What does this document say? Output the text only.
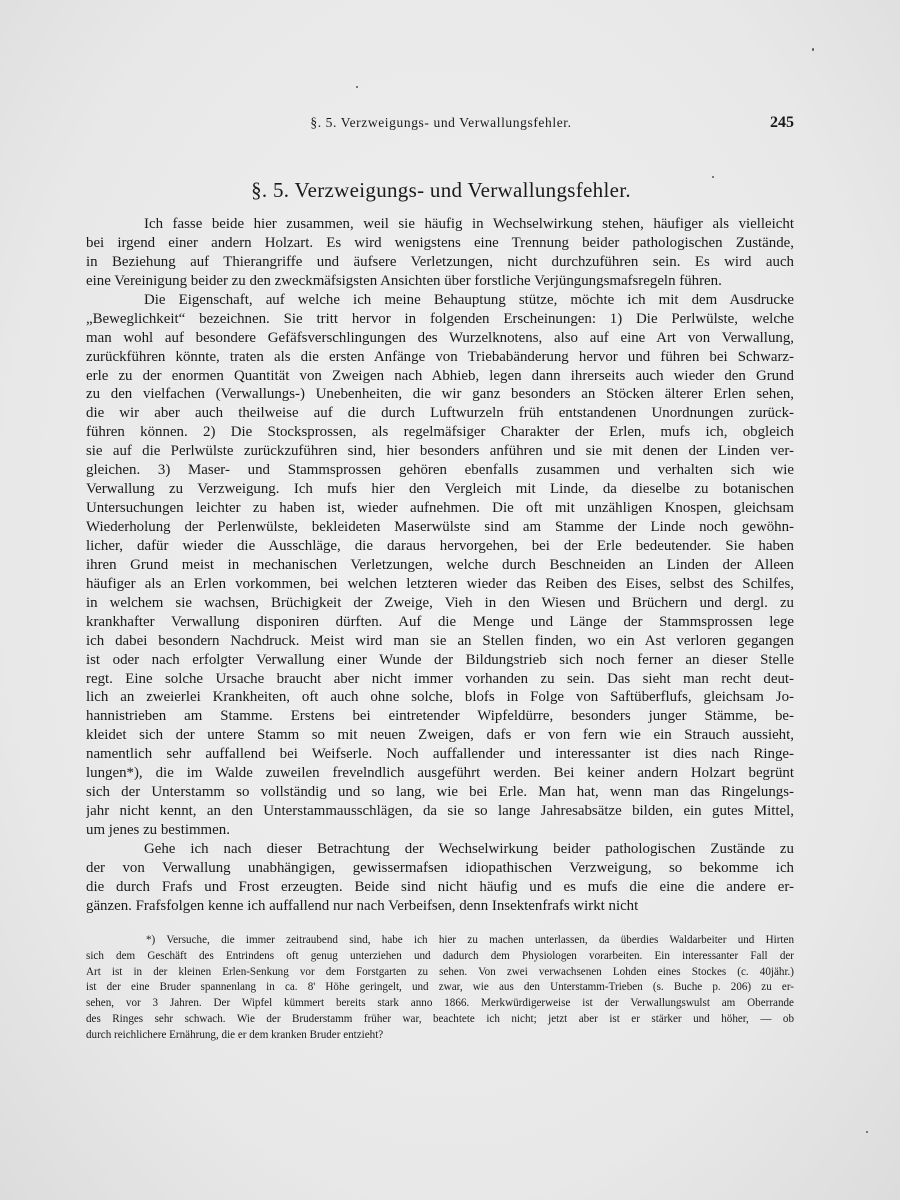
§. 5. Verzweigungs- und Verwallungsfehler.	245
§. 5. Verzweigungs- und Verwallungsfehler.
Ich fasse beide hier zusammen, weil sie häufig in Wechselwirkung stehen, häufiger als vielleicht
bei irgend einer andern Holzart. Es wird wenigstens eine Trennung beider pathologischen Zustände,
in Beziehung auf Thierangriffe und äufsere Verletzungen, nicht durchzuführen sein. Es wird auch
eine Vereinigung beider zu den zweckmäfsigsten Ansichten über forstliche Verjüngungsmafsregeln führen.
Die Eigenschaft, auf welche ich meine Behauptung stütze, möchte ich mit dem Ausdrucke
„Beweglichkeit“ bezeichnen. Sie tritt hervor in folgenden Erscheinungen: 1) Die Perlwülste, welche
man wohl auf besondere Gefäfsverschlingungen des Wurzelknotens, also auf eine Art von Verwallung,
zurückführen könnte, traten als die ersten Anfänge von Triebabänderung hervor und führen bei Schwarz-
erle zu der enormen Quantität von Zweigen nach Abhieb, legen dann ihrerseits auch wieder den Grund
zu den vielfachen (Verwallungs-) Unebenheiten, die wir ganz besonders an Stöcken älterer Erlen sehen,
die wir aber auch theilweise auf die durch Luftwurzeln früh entstandenen Unordnungen zurück-
führen können. 2) Die Stocksprossen, als regelmäfsiger Charakter der Erlen, mufs ich, obgleich
sie auf die Perlwülste zurückzuführen sind, hier besonders anführen und sie mit denen der Linden ver-
gleichen. 3) Maser- und Stammsprossen gehören ebenfalls zusammen und verhalten sich wie
Verwallung zu Verzweigung. Ich mufs hier den Vergleich mit Linde, da dieselbe zu botanischen
Untersuchungen leichter zu haben ist, wieder aufnehmen. Die oft mit unzähligen Knospen, gleichsam
Wiederholung der Perlenwülste, bekleideten Maserwülste sind am Stamme der Linde noch gewöhn-
licher, dafür wieder die Ausschläge, die daraus hervorgehen, bei der Erle bedeutender. Sie haben
ihren Grund meist in mechanischen Verletzungen, welche durch Beschneiden an Linden der Alleen
häufiger als an Erlen vorkommen, bei welchen letzteren wieder das Reiben des Eises, selbst des Schilfes,
in welchem sie wachsen, Brüchigkeit der Zweige, Vieh in den Wiesen und Brüchern und dergl. zu
krankhafter Verwallung disponiren dürften. Auf die Menge und Länge der Stammsprossen lege
ich dabei besondern Nachdruck. Meist wird man sie an Stellen finden, wo ein Ast verloren gegangen
ist oder nach erfolgter Verwallung einer Wunde der Bildungstrieb sich noch ferner an dieser Stelle
regt. Eine solche Ursache braucht aber nicht immer vorhanden zu sein. Das sieht man recht deut-
lich an zweierlei Krankheiten, oft auch ohne solche, blofs in Folge von Saftüberflufs, gleichsam Jo-
hannistrieben am Stamme. Erstens bei eintretender Wipfeldürre, besonders junger Stämme, be-
kleidet sich der untere Stamm so mit neuen Zweigen, dafs er von fern wie ein Strauch aussieht,
namentlich sehr auffallend bei Weifserle. Noch auffallender und interessanter ist dies nach Ringe-
lungen*), die im Walde zuweilen frevelndlich ausgeführt werden. Bei keiner andern Holzart begrünt
sich der Unterstamm so vollständig und so lang, wie bei Erle. Man hat, wenn man das Ringelungs-
jahr nicht kennt, an den Unterstammausschlägen, da sie so lange Jahresabsätze bilden, ein gutes Mittel,
um jenes zu bestimmen.
Gehe ich nach dieser Betrachtung der Wechselwirkung beider pathologischen Zustände zu
der von Verwallung unabhängigen, gewissermafsen idiopathischen Verzweigung, so bekomme ich
die durch Frafs und Frost erzeugten. Beide sind nicht häufig und es mufs die eine die andere er-
gänzen. Frafsfolgen kenne ich auffallend nur nach Verbeifsen, denn Insektenfrafs wirkt nicht
*) Versuche, die immer zeitraubend sind, habe ich hier zu machen unterlassen, da überdies Waldarbeiter und Hirten
sich dem Geschäft des Entrindens oft genug unterziehen und dadurch dem Physiologen vorarbeiten. Ein interessanter Fall der
Art ist in der kleinen Erlen-Senkung vor dem Forstgarten zu sehen. Von zwei verwachsenen Lohden eines Stockes (c. 40jähr.)
ist der eine Bruder spannenlang in ca. 8' Höhe geringelt, und zwar, wie aus den Unterstamm-Trieben (s. Buche p. 206) zu er-
sehen, vor 3 Jahren. Der Wipfel kümmert bereits stark anno 1866. Merkwürdigerweise ist der Verwallungswulst am Oberrande
des Ringes sehr schwach. Wie der Bruderstamm früher war, beachtete ich nicht; jetzt aber ist er stärker und höher, — ob
durch reichlichere Ernährung, die er dem kranken Bruder entzieht?
